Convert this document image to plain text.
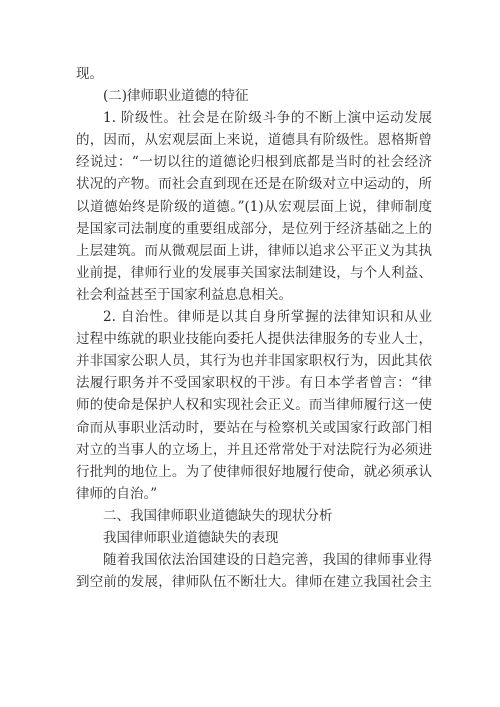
现。
(二)律师职业道德的特征
1. 阶级性。社会是在阶级斗争的不断上演中运动发展
的，因而，从宏观层面上来说，道德具有阶级性。恩格斯曾
经说过：“一切以往的道德论归根到底都是当时的社会经济
状况的产物。而社会直到现在还是在阶级对立中运动的，所
以道德始终是阶级的道德。”(1)从宏观层面上说，律师制度
是国家司法制度的重要组成部分，是位列于经济基础之上的
上层建筑。而从微观层面上讲，律师以追求公平正义为其执
业前提，律师行业的发展事关国家法制建设，与个人利益、
社会利益甚至于国家利益息息相关。
2. 自治性。律师是以其自身所掌握的法律知识和从业
过程中练就的职业技能向委托人提供法律服务的专业人士，
并非国家公职人员，其行为也并非国家职权行为，因此其依
法履行职务并不受国家职权的干涉。有日本学者曾言：“律
师的使命是保护人权和实现社会正义。而当律师履行这一使
命而从事职业活动时，要站在与检察机关或国家行政部门相
对立的当事人的立场上，并且还常常处于对法院行为必须进
行批判的地位上。为了使律师很好地履行使命，就必须承认
律师的自治。”
二、我国律师职业道德缺失的现状分析
我国律师职业道德缺失的表现
随着我国依法治国建设的日趋完善，我国的律师事业得
到空前的发展，律师队伍不断壮大。律师在建立我国社会主
